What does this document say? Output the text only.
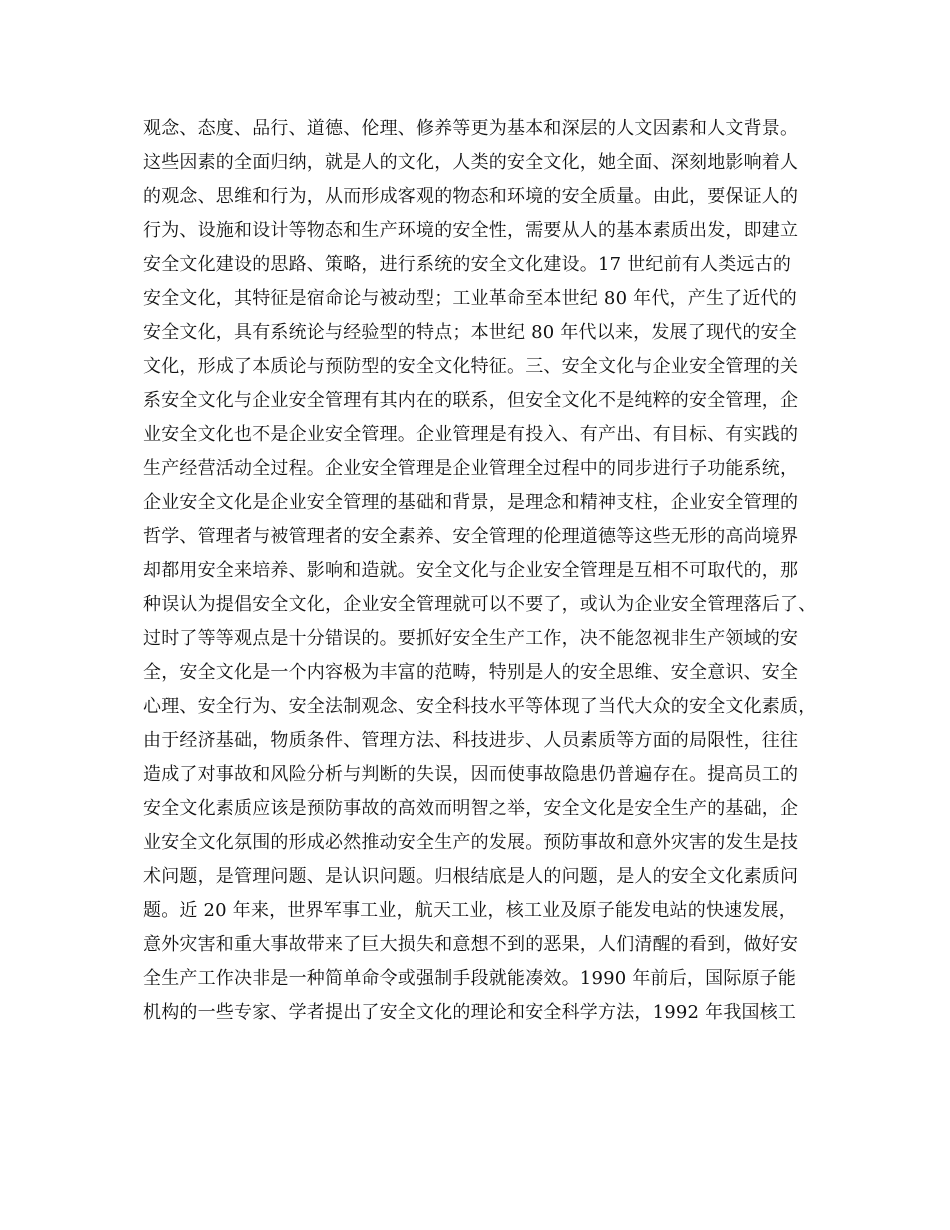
观念、态度、品行、道德、伦理、修养等更为基本和深层的人文因素和人文背景。
这些因素的全面归纳，就是人的文化，人类的安全文化，她全面、深刻地影响着人
的观念、思维和行为，从而形成客观的物态和环境的安全质量。由此，要保证人的
行为、设施和设计等物态和生产环境的安全性，需要从人的基本素质出发，即建立
安全文化建设的思路、策略，进行系统的安全文化建设。17 世纪前有人类远古的
安全文化，其特征是宿命论与被动型；工业革命至本世纪 80 年代，产生了近代的
安全文化，具有系统论与经验型的特点；本世纪 80 年代以来，发展了现代的安全
文化，形成了本质论与预防型的安全文化特征。三、安全文化与企业安全管理的关
系安全文化与企业安全管理有其内在的联系，但安全文化不是纯粹的安全管理，企
业安全文化也不是企业安全管理。企业管理是有投入、有产出、有目标、有实践的
生产经营活动全过程。企业安全管理是企业管理全过程中的同步进行子功能系统，
企业安全文化是企业安全管理的基础和背景，是理念和精神支柱，企业安全管理的
哲学、管理者与被管理者的安全素养、安全管理的伦理道德等这些无形的高尚境界
却都用安全来培养、影响和造就。安全文化与企业安全管理是互相不可取代的，那
种误认为提倡安全文化，企业安全管理就可以不要了，或认为企业安全管理落后了、
过时了等等观点是十分错误的。要抓好安全生产工作，决不能忽视非生产领域的安
全，安全文化是一个内容极为丰富的范畴，特别是人的安全思维、安全意识、安全
心理、安全行为、安全法制观念、安全科技水平等体现了当代大众的安全文化素质，
由于经济基础，物质条件、管理方法、科技进步、人员素质等方面的局限性，往往
造成了对事故和风险分析与判断的失误，因而使事故隐患仍普遍存在。提高员工的
安全文化素质应该是预防事故的高效而明智之举，安全文化是安全生产的基础，企
业安全文化氛围的形成必然推动安全生产的发展。预防事故和意外灾害的发生是技
术问题，是管理问题、是认识问题。归根结底是人的问题，是人的安全文化素质问
题。近 20 年来，世界军事工业，航天工业，核工业及原子能发电站的快速发展，
意外灾害和重大事故带来了巨大损失和意想不到的恶果，人们清醒的看到，做好安
全生产工作决非是一种简单命令或强制手段就能凑效。1990 年前后，国际原子能
机构的一些专家、学者提出了安全文化的理论和安全科学方法，1992 年我国核工
